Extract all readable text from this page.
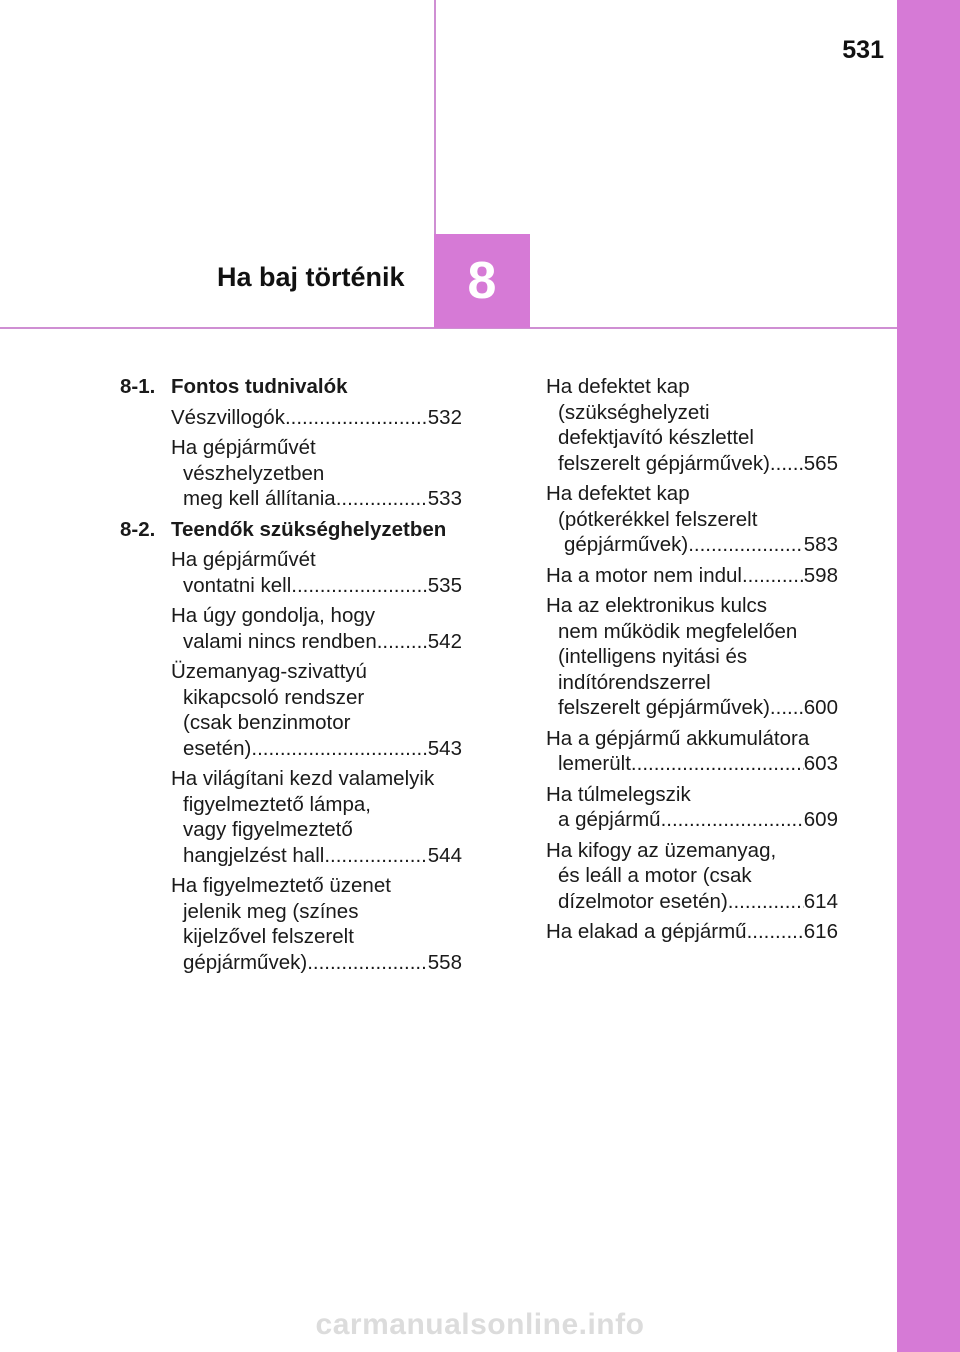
531
Ha baj történik 8
8-1. Fontos tudnivalók
Vészvillogók .....	532
Ha gépjárművét
vészhelyzetben
meg kell állítania .....	533
8-2. Teendők szükséghelyzetben
Ha gépjárművét
vontatni kell .....	535
Ha úgy gondolja, hogy
valami nincs rendben ..... 542
Üzemanyag-szivattyú
kikapcsoló rendszer
(csak benzinmotor
esetén) .....	543
Ha világítani kezd valamelyik
figyelmeztető lámpa,
vagy figyelmeztető
hangjelzést hall .....	544
Ha figyelmeztető üzenet
jelenik meg (színes
kijelzővel felszerelt
gépjárművek) .....	558
Ha defektet kap
(szükséghelyzeti
defektjavító készlettel
felszerelt gépjárművek) ..... 565
Ha defektet kap
(pótkerékkel felszerelt
gépjárművek) .....	583
Ha a motor nem indul .....	598
Ha az elektronikus kulcs
nem működik megfelelően
(intelligens nyitási és
indítórendszerrel
felszerelt gépjárművek) ..... 600
Ha a gépjármű akkumulátora
lemerült .....	603
Ha túlmelegszik
a gépjármű .....	609
Ha kifogy az üzemanyag,
és leáll a motor (csak
dízelmotor esetén) .....	614
Ha elakad a gépjármű .....	616
carmanualsonline.info
